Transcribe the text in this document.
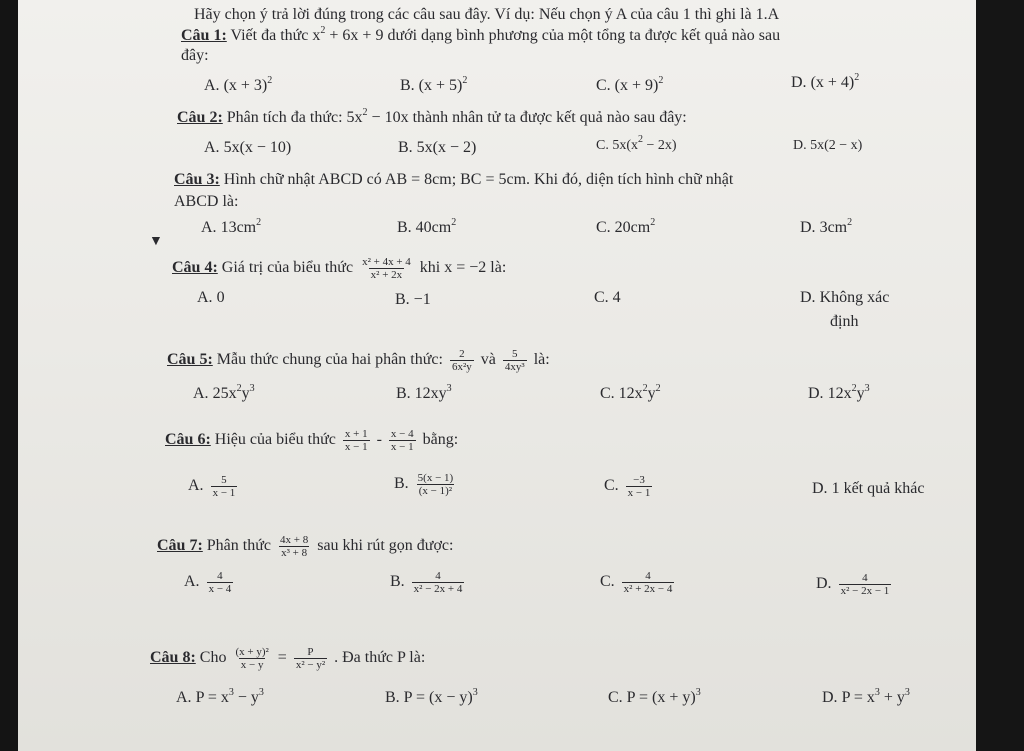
Hãy chọn ý trả lời đúng trong các câu sau đây. Ví dụ: Nếu chọn ý A của câu 1 thì ghi là 1.A
Câu 1: Viết đa thức $x^2 + 6x + 9$ dưới dạng bình phương của một tổng ta được kết quả nào sau
đây:
A. $(x + 3)^2$	B. $(x + 5)^2$	C. $(x + 9)^2$	D. $(x + 4)^2$
Câu 2: Phân tích đa thức: $5x^2 - 10x$ thành nhân tử ta được kết quả nào sau đây:
A. 5x(x − 10)	B. 5x(x − 2)	C. $5x(x^2 - 2x)$	D. 5x(2 − x)
Câu 3: Hình chữ nhật ABCD có AB = 8cm; BC = 5cm. Khi đó, diện tích hình chữ nhật
ABCD là:
A. $13cm^2$	B. $40cm^2$	C. $20cm^2$	D. $3cm^2$
▼
Câu 4: Giá trị của biểu thức $\frac{\text{x² + 4x + 4}}{\text{x² + 2x}}$ khi x = −2 là:
A. 0	B. −1	C. 4	D. Không xác
định
Câu 5: Mẫu thức chung của hai phân thức: $\frac{2}{\text{6x²y}}$ và $\frac{5}{\text{4xy³}}$ là:
A. $25x^2y^3$	B. $12xy^3$	C. $12x^2y^2$	D. $12x^2y^3$
Câu 6: Hiệu của biểu thức $\frac{x + 1}{x - 1} - \frac{x - 4}{x - 1}$ bằng:
A. $\frac{5}{x - 1}$	B. $\frac{5(x - 1)}{\text{(x − 1)²}}$	C. $\frac{-3}{x - 1}$	D. 1 kết quả khác
Câu 7: Phân thức $\frac{4x + 8}{\text{x³ + 8}}$ sau khi rút gọn được:
A. $\frac{4}{x - 4}$	B. $\frac{4}{\text{x² − 2x + 4}}$	C. $\frac{4}{\text{x² + 2x − 4}}$	D. $\frac{4}{\text{x² − 2x − 1}}$
Câu 8: Cho $\frac{\text{(x + y)²}}{x - y} = \frac{P}{\text{x² − y²}}$ . Đa thức P là:
A. $P = x^3 - y^3$	B. $P = (x - y)^3$	C. $P = (x + y)^3$	D. $P = x^3 + y^3$
